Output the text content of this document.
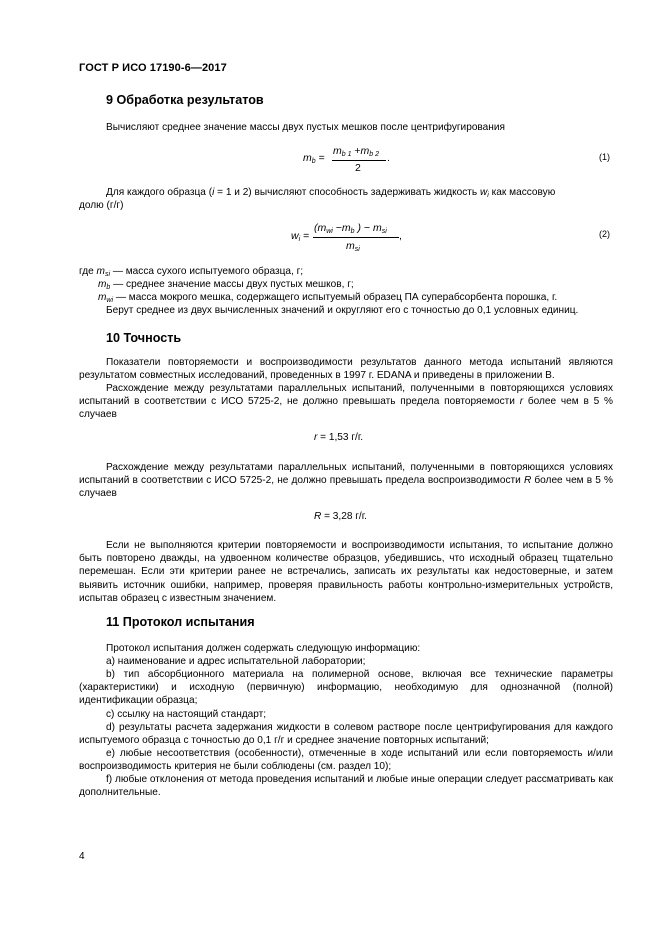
ГОСТ Р ИСО 17190-6—2017
9 Обработка результатов
Вычисляют среднее значение массы двух пустых мешков после центрифугирования
$m_b$ =
$m_{b 1} +m_{b 2}$
2
.	(1)
Для каждого образца (i = 1 и 2) вычисляют способность задерживать жидкость $w_i$ как массовую
долю (г/г)
$w_i$ =
($m_{wi} -m_b$ ) − $m_{si}$
$m_{si}$
,	(2)
где $m_{si}$ — масса сухого испытуемого образца, г;
$m_b$ — среднее значение массы двух пустых мешков, г;
$m_{wi}$ — масса мокрого мешка, содержащего испытуемый образец ПА суперабсорбента порошка, г.
Берут среднее из двух вычисленных значений и округляют его с точностью до 0,1 условных единиц.
10 Точность

Показатели повторяемости и воспроизводимости результатов данного метода испытаний являются результатом совместных исследований, проведенных в 1997 г. EDANA и приведены в приложении В.

Расхождение между результатами параллельных испытаний, полученными в повторяющихся условиях испытаний в соответствии с ИСО 5725-2, не должно превышать предела повторяемости r более чем в 5 % случаев

r = 1,53 г/г.

Расхождение между результатами параллельных испытаний, полученными в повторяющихся условиях испытаний в соответствии с ИСО 5725-2, не должно превышать предела воспроизводимости R более чем в 5 % случаев

R = 3,28 г/г.

Если не выполняются критерии повторяемости и воспроизводимости испытания, то испытание должно быть повторено дважды, на удвоенном количестве образцов, убедившись, что исходный образец тщательно перемешан. Если эти критерии ранее не встречались, записать их результаты как недостоверные, и затем выявить источник ошибки, например, проверяя правильность работы контрольно-измерительных устройств, испытав образец с известным значением.

11 Протокол испытания

Протокол испытания должен содержать следующую информацию:

а) наименование и адрес испытательной лаборатории;

b) тип абсорбционного материала на полимерной основе, включая все технические параметры (характеристики) и исходную (первичную) информацию, необходимую для однозначной (полной) идентификации образца;

с) ссылку на настоящий стандарт;

d) результаты расчета задержания жидкости в солевом растворе после центрифугирования для каждого испытуемого образца с точностью до 0,1 г/г и среднее значение повторных испытаний;

е) любые несоответствия (особенности), отмеченные в ходе испытаний или если повторяемость и/или воспроизводимость критерия не были соблюдены (см. раздел 10);

f) любые отклонения от метода проведения испытаний и любые иные операции следует рассматривать как дополнительные.

4
